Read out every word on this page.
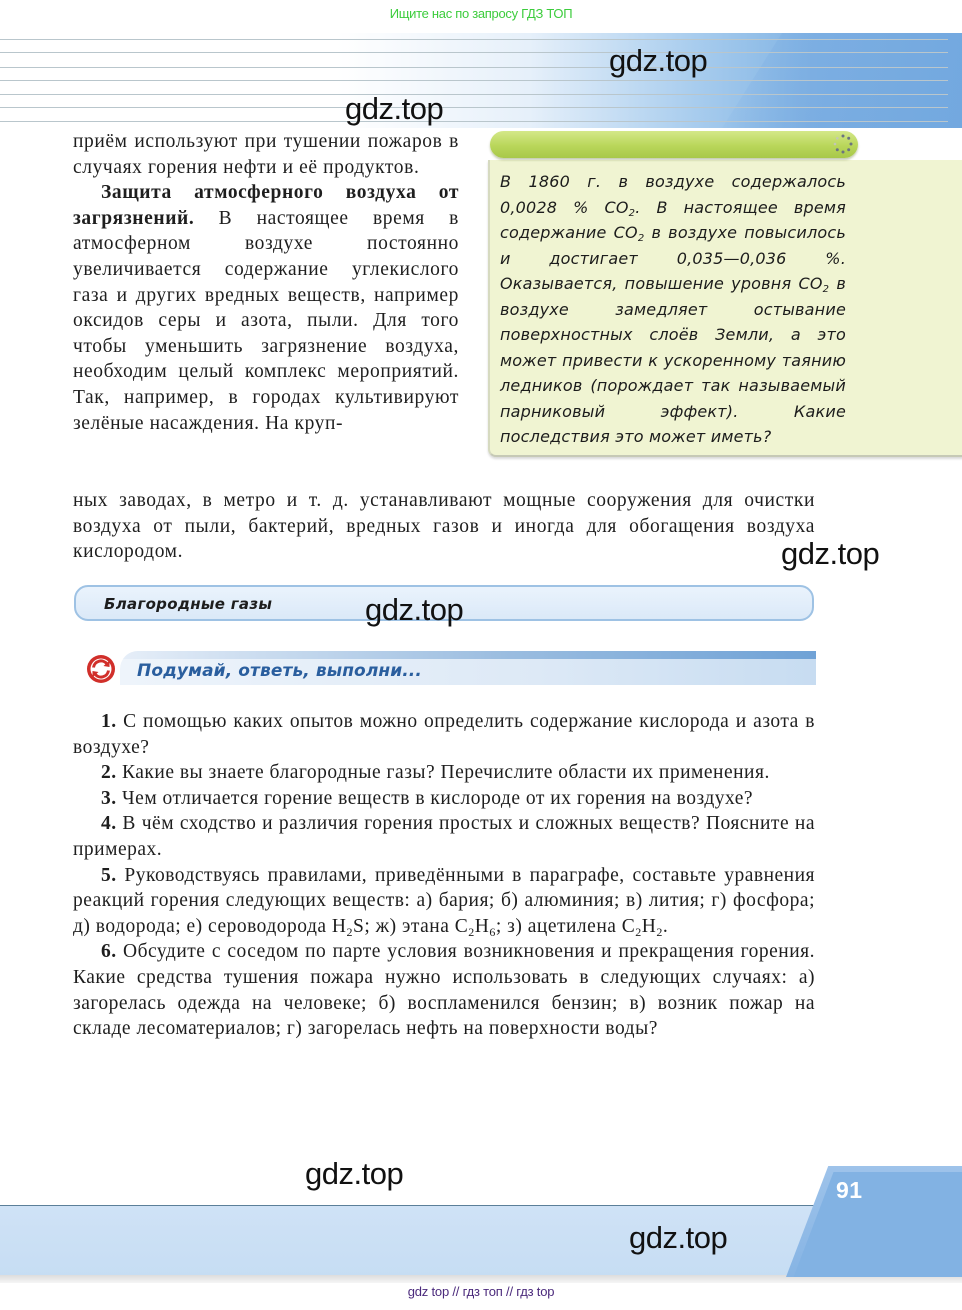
Ищите нас по запросу ГДЗ ТОП
gdz.top
gdz.top

приём используют при тушении пожаров в случаях горения нефти и её продуктов.

Защита атмосферного воздуха от загрязнений. В настоящее время в атмосферном воздухе постоянно увеличивается содержание углекислого газа и других вредных веществ, например оксидов серы и азота, пыли. Для того чтобы уменьшить загрязнение воздуха, необходим целый комплекс мероприятий. Так, например, в городах культивируют зелёные насаждения. На круп-

ных заводах, в метро и т. д. устанавливают мощные сооружения для очистки воздуха от пыли, бактерий, вредных газов и иногда для обогащения воздуха кислородом.

В 1860 г. в воздухе содержалось 0,0028 % $CO_2$. В настоящее время содержание $CO_2$ в воздухе повысилось и достигает 0,035—0,036 %. Оказывается, повышение уровня $CO_2$ в воздухе замедляет остывание поверхностных слоёв Земли, а это может привести к ускоренному таянию ледников (порождает так называемый парниковый эффект). Какие последствия это может иметь?
gdz.top
Благородные газы	gdz.top
Подумай, ответь, выполни...

1. С помощью каких опытов можно определить содержание кислорода и азота в воздухе?

2. Какие вы знаете благородные газы? Перечислите области их применения.

3. Чем отличается горение веществ в кислороде от их горения на воздухе?

4. В чём сходство и различия горения простых и сложных веществ? Поясните на примерах.

5. Руководствуясь правилами, приведёнными в параграфе, составьте уравнения реакций горения следующих веществ: а) бария; б) алюминия; в) лития; г) фосфора; д) водорода; е) сероводорода $H_2S$; ж) этана $C_2H_6$; з) ацетилена $C_2H_2$.

6. Обсудите с соседом по парте условия возникновения и прекращения горения. Какие средства тушения пожара нужно использовать в следующих случаях: а) загорелась одежда на человеке; б) воспламенился бензин; в) возник пожар на складе лесоматериалов; г) загорелась нефть на поверхности воды?

gdz.top	91
gdz.top
gdz top // гдз топ // гдз top
